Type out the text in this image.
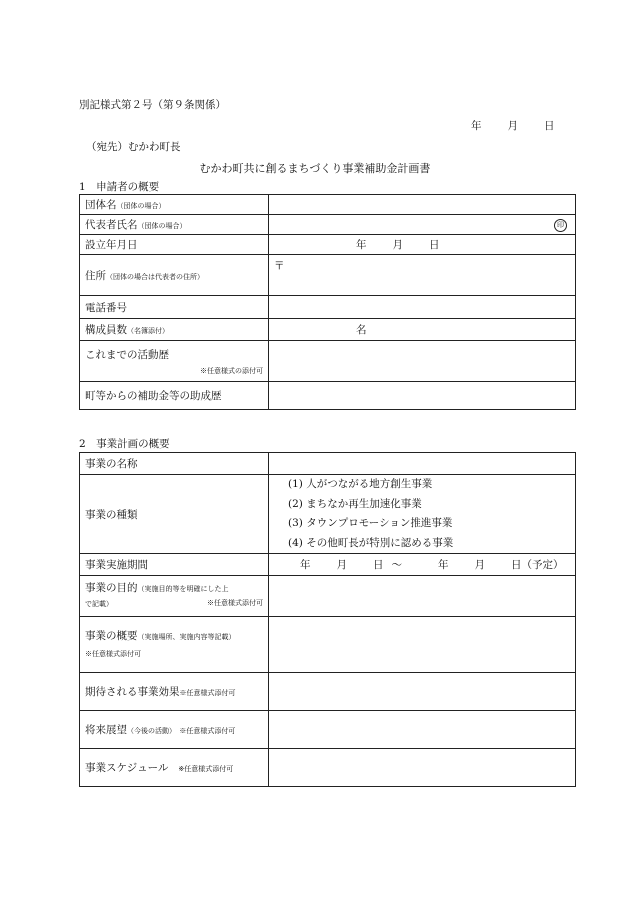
別記様式第２号（第９条関係）
年 月 日
（宛先）むかわ町長
むかわ町共に創るまちづくり事業補助金計画書
1　申請者の概要
団体名（団体の場合）	
代表者氏名（団体の場合）	印

設立年月日	年 月 日
住所（団体の場合は代表者の住所）	〒
電話番号	
構成員数（名簿添付）	名
これまでの活動歴
※任意様式の添付可	

町等からの補助金等の助成歴	
2　事業計画の概要
事業の名称	
事業の種類	(1) 人がつながる地方創生事業
(2) まちなか再生加速化事業
(3) タウンプロモーション推進事業
(4) その他町長が特別に認める事業

事業実施期間	年 月 日 ～ 年 月 日（予定）
事業の目的（実施目的等を明確にした上
で記載） ※任意様式添付可	

事業の概要（実施場所、実施内容等記載）
※任意様式添付可	
期待される事業効果※任意様式添付可	
将来展望（今後の活動） ※任意様式添付可	
事業スケジュール ※任意様式添付可	
